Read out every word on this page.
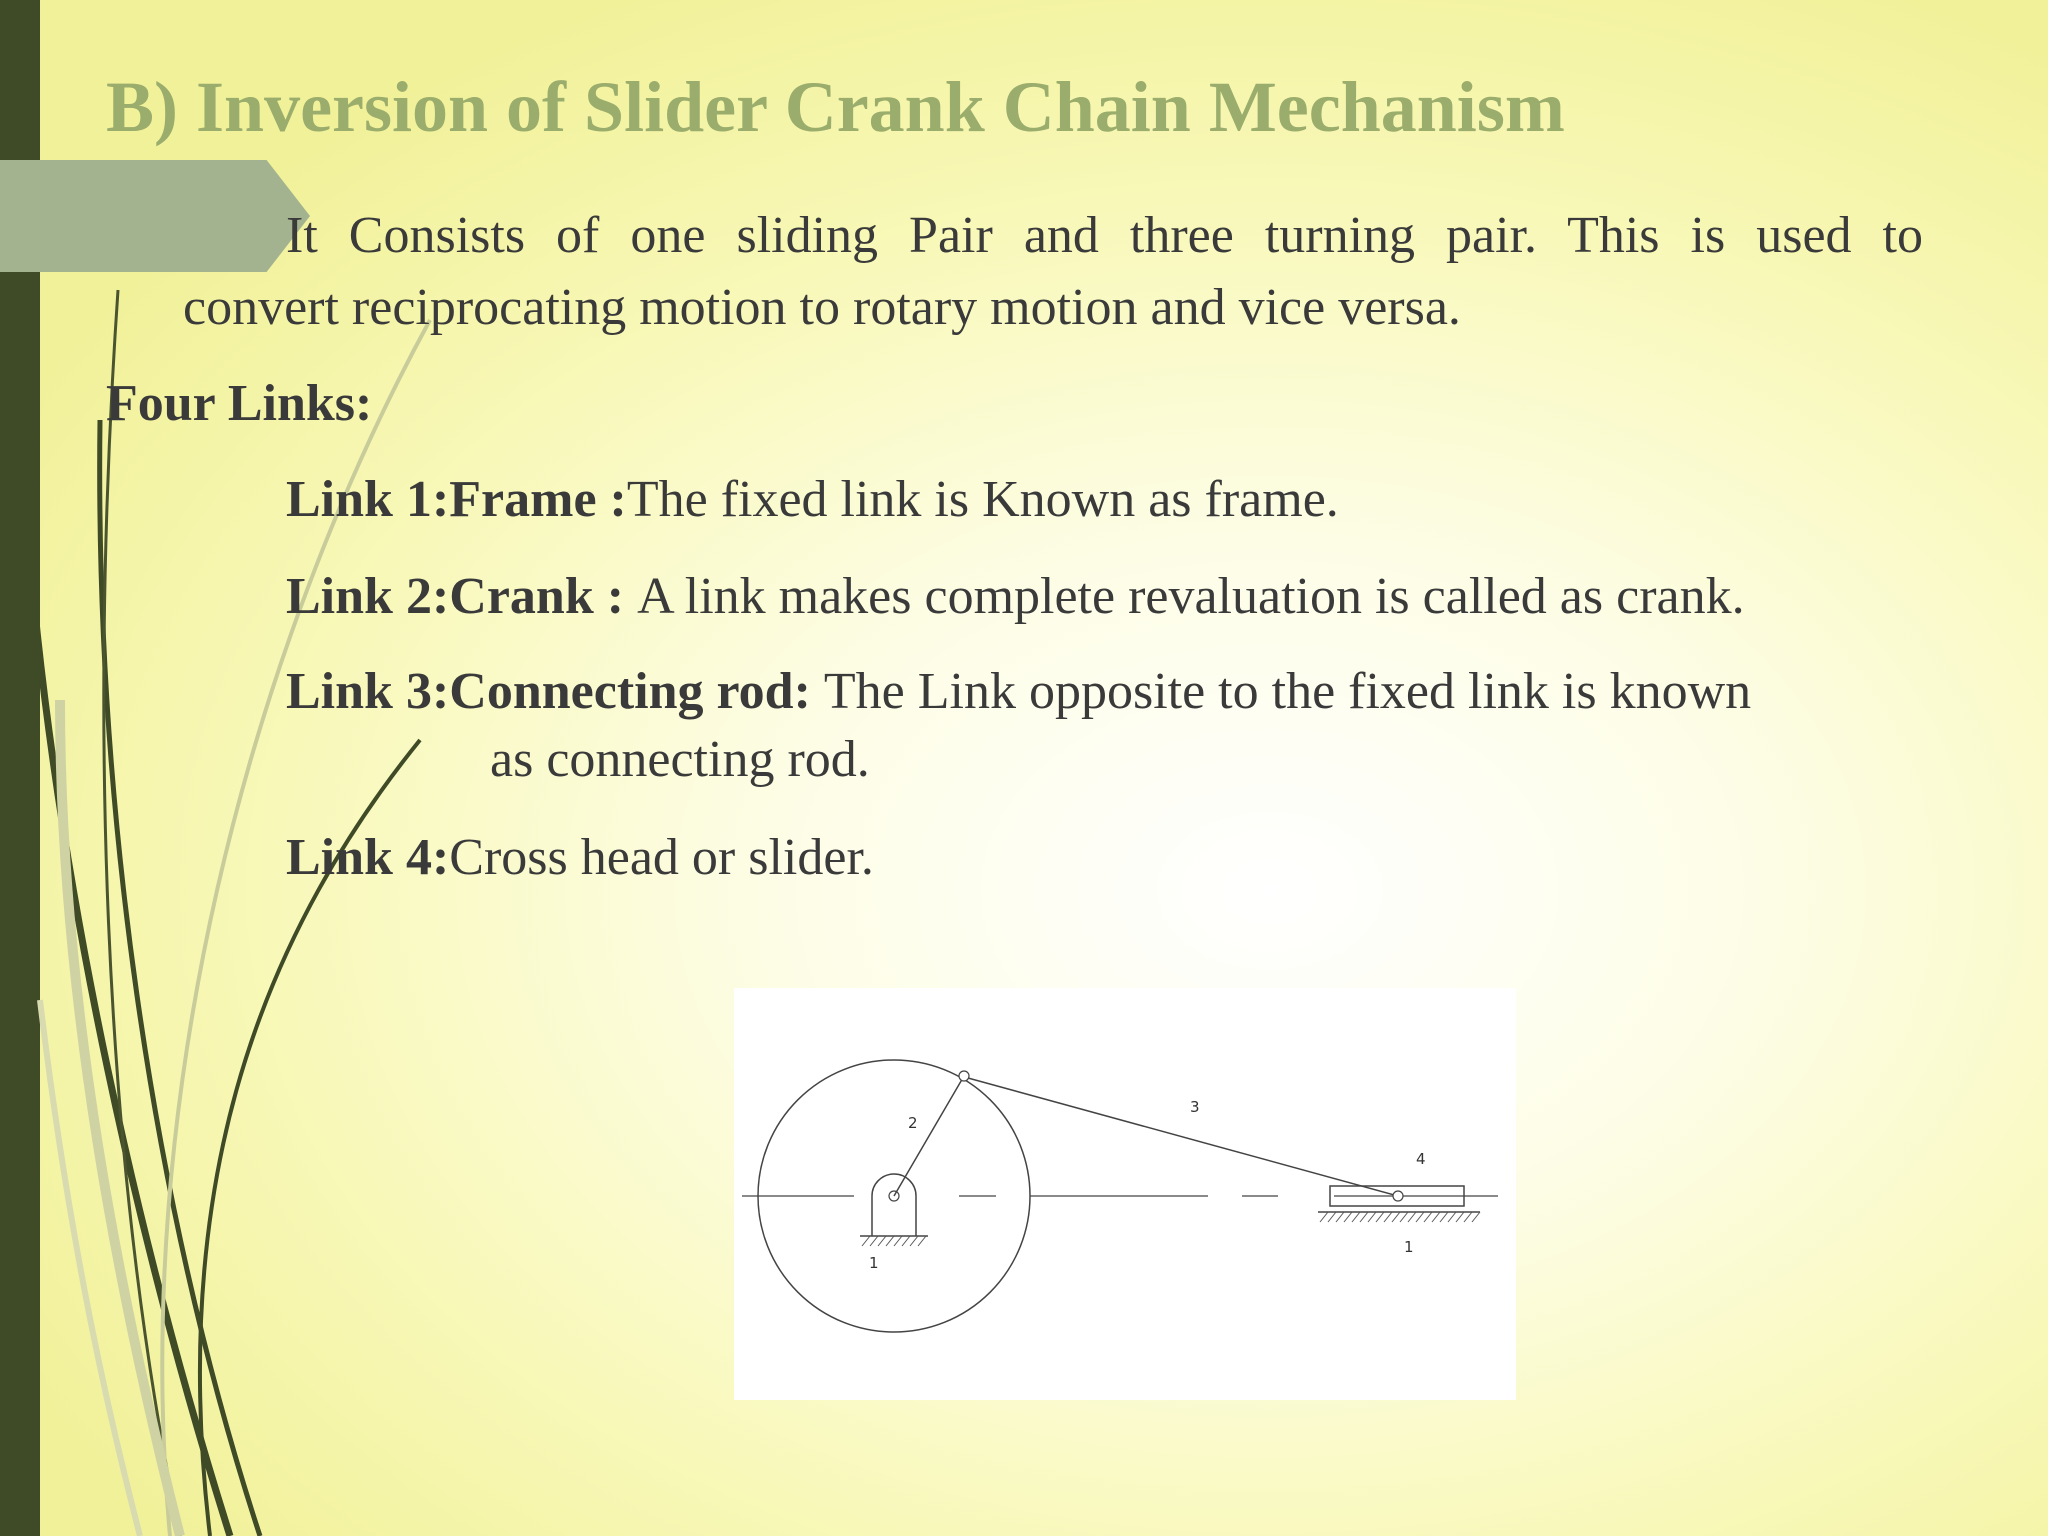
B) Inversion of Slider Crank Chain Mechanism

It Consists of one sliding Pair and three turning pair. This is used to
convert reciprocating motion to rotary motion and vice versa.

Four Links:

Link 1:Frame :The fixed link is Known as frame.

Link 2:Crank : A link makes complete revaluation is called as crank.

Link 3:Connecting rod: The Link opposite to the fixed link is known
as connecting rod.

Link 4:Cross head or slider.

2
3
4
1
1
